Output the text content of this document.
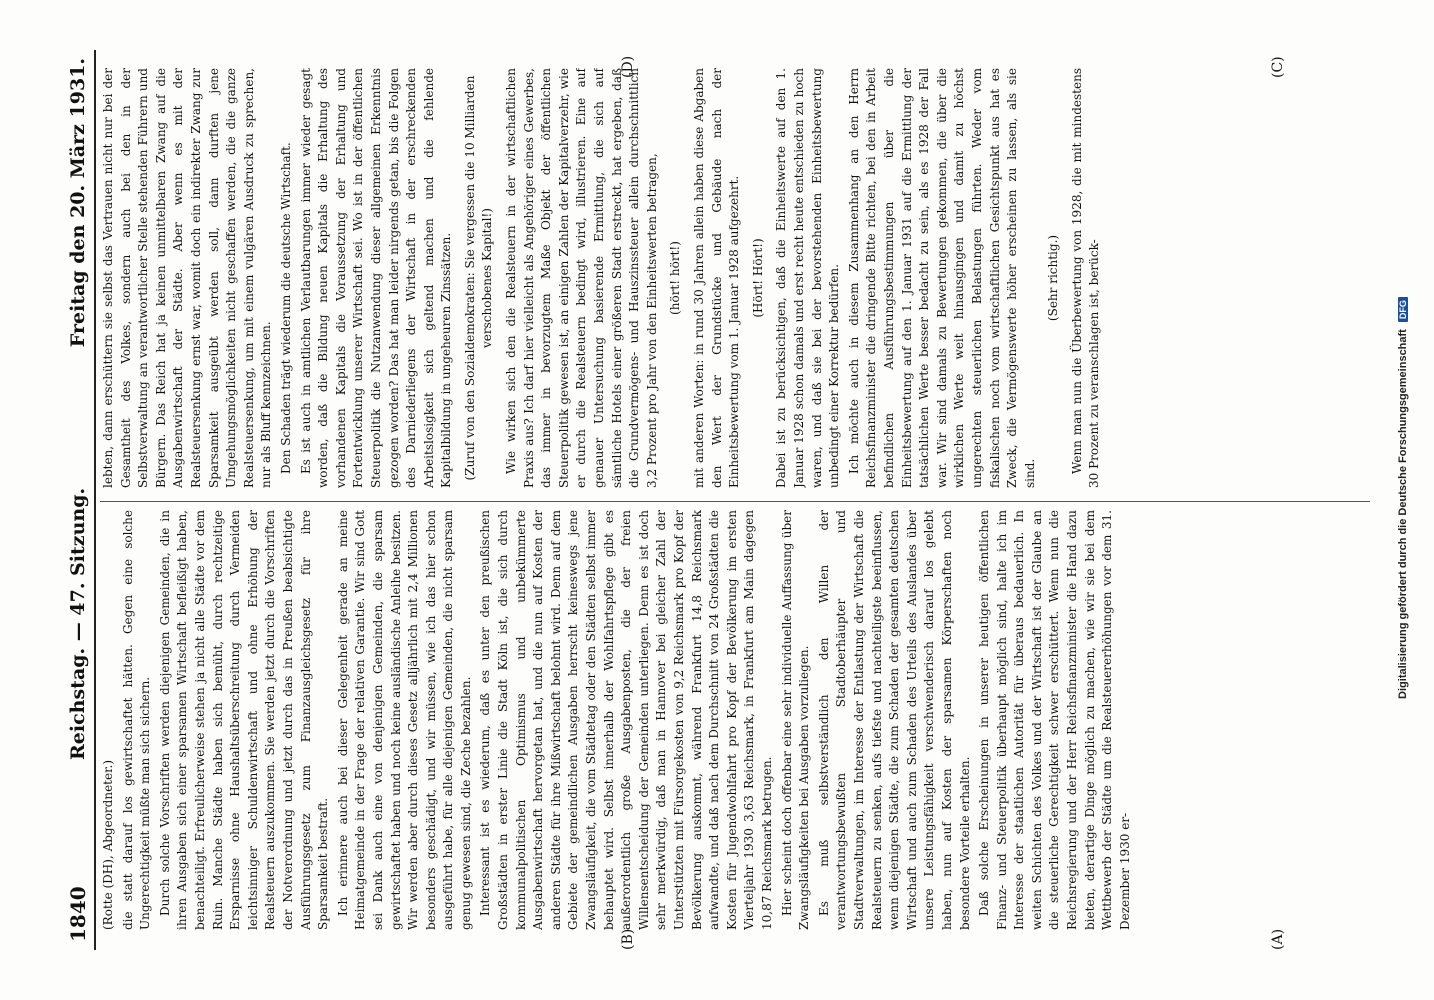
1840
Reichstag. — 47. Sitzung.
Freitag den 20. März 1931.

(Rotte (DH), Abgeordneter.) die statt darauf los gewirtschaftet hätten. Gegen eine solche Ungerechtigkeit müßte man sich sichern. Durch solche Vorschriften werden diejenigen Gemeinden, die in ihren Ausgaben sich einer sparsamen Wirtschaft befleißigt haben, benachteiligt. Erfreulicherweise stehen ja nicht alle Städte vor dem Ruin. Manche Städte haben sich bemüht, durch rechtzeitige Ersparnisse ohne Haushaltsüberschreitung durch Vermeiden leichtsinniger Schuldenwirtschaft und ohne Erhöhung der Realsteuern auszukommen. Sie werden jetzt durch die Vorschriften der Notverordnung und jetzt durch das in Preußen beabsichtigte Ausführungsgesetz zum Finanzausgleichsgesetz für ihre Sparsamkeit bestraft. Ich erinnere auch bei dieser Gelegenheit gerade an meine Heimatgemeinde in der Frage der relativen Garantie. Wir sind Gott sei Dank auch eine von denjenigen Gemeinden, die sparsam gewirtschaftet haben und noch keine ausländische Anleihe besitzen. Wir werden aber durch dieses Gesetz alljährlich mit 2,4 Millionen besonders geschädigt, und wir müssen, wie ich das hier schon ausgeführt habe, für alle diejenigen Gemeinden, die nicht sparsam genug gewesen sind, die Zeche bezahlen. Interessant ist es wiederum, daß es unter den preußischen Großstädten in erster Linie die Stadt Köln ist, die sich durch kommunalpolitischen Optimismus und unbekümmerte Ausgabenwirtschaft hervorgetan hat, und die nun auf Kosten der anderen Städte für ihre Mißwirtschaft belohnt wird. Denn auf dem Gebiete der gemeindlichen Ausgaben herrscht keineswegs jene Zwangsläufigkeit, die vom Städtetag oder den Städten selbst immer behauptet wird. Selbst innerhalb der Wohlfahrtspflege gibt es außerordentlich große Ausgabenposten, die der freien Willensentscheidung der Gemeinden unterliegen. Denn es ist doch sehr merkwürdig, daß man in Hannover bei gleicher Zahl der Unterstützten mit Fürsorgekosten von 9,2 Reichsmark pro Kopf der Bevölkerung auskommt, während Frankfurt 14,8 Reichsmark aufwandte, und daß nach dem Durchschnitt von 24 Großstädten die Kosten für Jugendwohlfahrt pro Kopf der Bevölkerung im ersten Vierteljahr 1930 3,63 Reichsmark, in Frankfurt am Main dagegen 10,87 Reichsmark betrugen. Hier scheint doch offenbar eine sehr individuelle Auffassung über Zwangsläufigkeiten bei Ausgaben vorzuliegen. Es muß selbstverständlich den Willen der verantwortungsbewußten Stadtoberhäupter und Stadtverwaltungen, im Interesse der Entlastung der Wirtschaft die Realsteuern zu senken, aufs tiefste und nachteiligste beeinflussen, wenn diejenigen Städte, die zum Schaden der gesamten deutschen Wirtschaft und auch zum Schaden des Urteils des Auslandes über unsere Leistungsfähigkeit verschwenderisch darauf los gelebt haben, nun auf Kosten der sparsamen Körperschaften noch besondere Vorteile erhalten. Daß solche Erscheinungen in unserer heutigen öffentlichen Finanz- und Steuerpolitik überhaupt möglich sind, halte ich im Interesse der staatlichen Autorität für überaus bedauerlich. In weiten Schichten des Volkes und der Wirtschaft ist der Glaube an die steuerliche Gerechtigkeit schwer erschüttert. Wenn nun die Reichsregierung und der Herr Reichsfinanzminister die Hand dazu bieten, derartige Dinge möglich zu machen, wie wir sie bei dem Wettbewerb der Städte um die Realsteuererhöhungen vor dem 31. Dezember 1930 er-

lebten, dann erschüttern sie selbst das Vertrauen nicht nur bei der Gesamtheit des Volkes, sondern auch bei den in der Selbstverwaltung an verantwortlicher Stelle stehenden Führern und Bürgern. Das Reich hat ja keinen unmittelbaren Zwang auf die Ausgabenwirtschaft der Städte. Aber wenn es mit der Realsteuersenkung ernst war, womit doch ein indirekter Zwang zur Sparsamkeit ausgeübt werden soll, dann durften jene Umgehungsmöglichkeiten nicht geschaffen werden, die die ganze Realsteuersenkung, um mit einem vulgären Ausdruck zu sprechen, nur als Bluff kennzeichnen. Den Schaden trägt wiederum die deutsche Wirtschaft. Es ist auch in amtlichen Verlautbarungen immer wieder gesagt worden, daß die Bildung neuen Kapitals die Erhaltung des vorhandenen Kapitals die Voraussetzung der Erhaltung und Fortentwicklung unserer Wirtschaft sei. Wo ist in der öffentlichen Steuerpolitik die Nutzanwendung dieser allgemeinen Erkenntnis gezogen worden? Das hat man leider nirgends getan, bis die Folgen des Darniederliegens der Wirtschaft in der erschreckenden Arbeitslosigkeit sich geltend machen und die fehlende Kapitalbildung in ungeheuren Zinssätzen. (Zuruf von den Sozialdemokraten: Sie vergessen die 10 Milliarden verschobenes Kapital!) Wie wirken sich den die Realsteuern in der wirtschaftlichen Praxis aus? Ich darf hier vielleicht als Angehöriger eines Gewerbes, das immer in bevorzugtem Maße Objekt der öffentlichen Steuerpolitik gewesen ist, an einigen Zahlen der Kapitalverzehr, wie er durch die Realsteuern bedingt wird, illustrieren. Eine auf genauer Untersuchung basierende Ermittlung, die sich auf sämtliche Hotels einer größeren Stadt erstreckt, hat ergeben, daß die Grundvermögens- und Hauszinssteuer allein durchschnittlich 3,2 Prozent pro Jahr von den Einheitswerten betragen, (hört! hört!) mit anderen Worten: in rund 30 Jahren allein haben diese Abgaben den Wert der Grundstücke und Gebäude nach der Einheitsbewertung vom 1. Januar 1928 aufgezehrt. (Hört! Hört!) Dabei ist zu berücksichtigen, daß die Einheitswerte auf den 1. Januar 1928 schon damals und erst recht heute entschieden zu hoch waren, und daß sie bei der bevorstehenden Einheitsbewertung unbedingt einer Korrektur bedürfen. Ich möchte auch in diesem Zusammenhang an den Herrn Reichsfinanzminister die dringende Bitte richten, bei den in Arbeit befindlichen Ausführungsbestimmungen über die Einheitsbewertung auf den 1. Januar 1931 auf die Ermittlung der tatsächlichen Werte besser bedacht zu sein, als es 1928 der Fall war. Wir sind damals zu Bewertungen gekommen, die über die wirklichen Werte weit hinausgingen und damit zu höchst ungerechten steuerlichen Belastungen führten. Weder vom fiskalischen noch vom wirtschaftlichen Gesichtspunkt aus hat es Zweck, die Vermögenswerte höher erscheinen zu lassen, als sie sind.

(Sehr richtig.) Wenn man nun die Überbewertung von 1928, die mit mindestens 30 Prozent zu veranschlagen ist, berück-

(A)
(B)
(C)
(D)
Digitalisierung gefördert durch die Deutsche Forschungsgemeinschaft DFG
